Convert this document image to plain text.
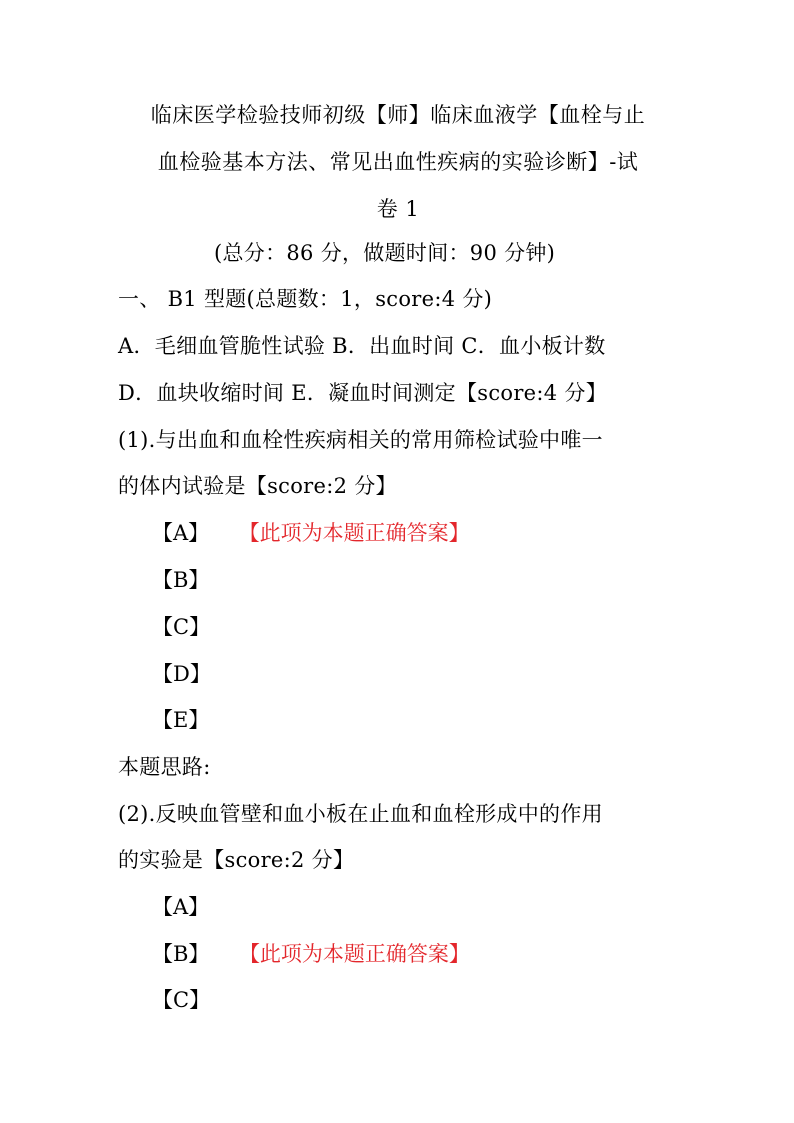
临床医学检验技师初级【师】临床血液学【血栓与止
血检验基本方法、常见出血性疾病的实验诊断】-试
卷 1
(总分：86 分，做题时间：90 分钟)
一、 B1 型题(总题数：1，score:4 分)
A．毛细血管脆性试验 B．出血时间 C．血小板计数
D．血块收缩时间 E．凝血时间测定【score:4 分】
(1).与出血和血栓性疾病相关的常用筛检试验中唯一
的体内试验是【score:2 分】
【A】 【此项为本题正确答案】
【B】
【C】
【D】
【E】
本题思路:
(2).反映血管壁和血小板在止血和血栓形成中的作用
的实验是【score:2 分】
【A】
【B】 【此项为本题正确答案】
【C】
